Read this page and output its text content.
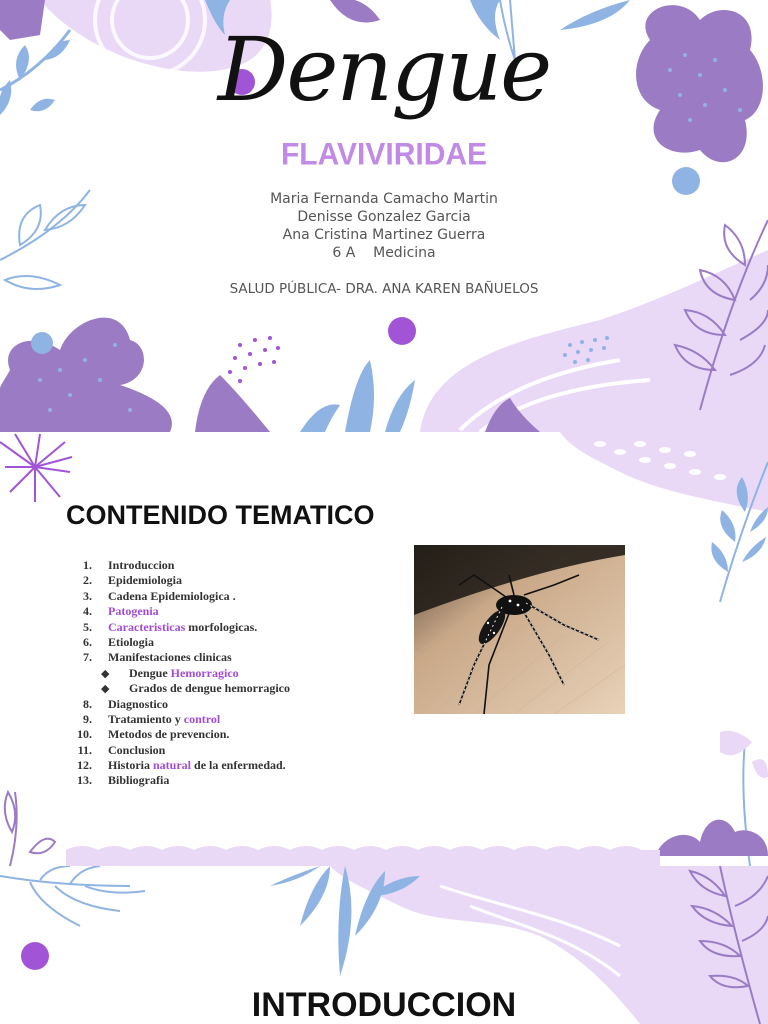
Dengue
FLAVIVIRIDAE
Maria Fernanda Camacho Martin
Denisse Gonzalez Garcia
Ana Cristina Martinez Guerra
6 A    Medicina
SALUD PÚBLICA- DRA. ANA KAREN BAÑUELOS
CONTENIDO TEMATICO
1. Introduccion
2. Epidemiologia
3. Cadena Epidemiologica .
4. Patogenia
5. Caracteristicas morfologicas.
6. Etiologia
7. Manifestaciones clinicas
◆ Dengue Hemorragico
◆ Grados de dengue hemorragico
8. Diagnostico
9. Tratamiento y control
10. Metodos de prevencion.
11. Conclusion
12. Historia natural de la enfermedad.
13. Bibliografia
INTRODUCCION
